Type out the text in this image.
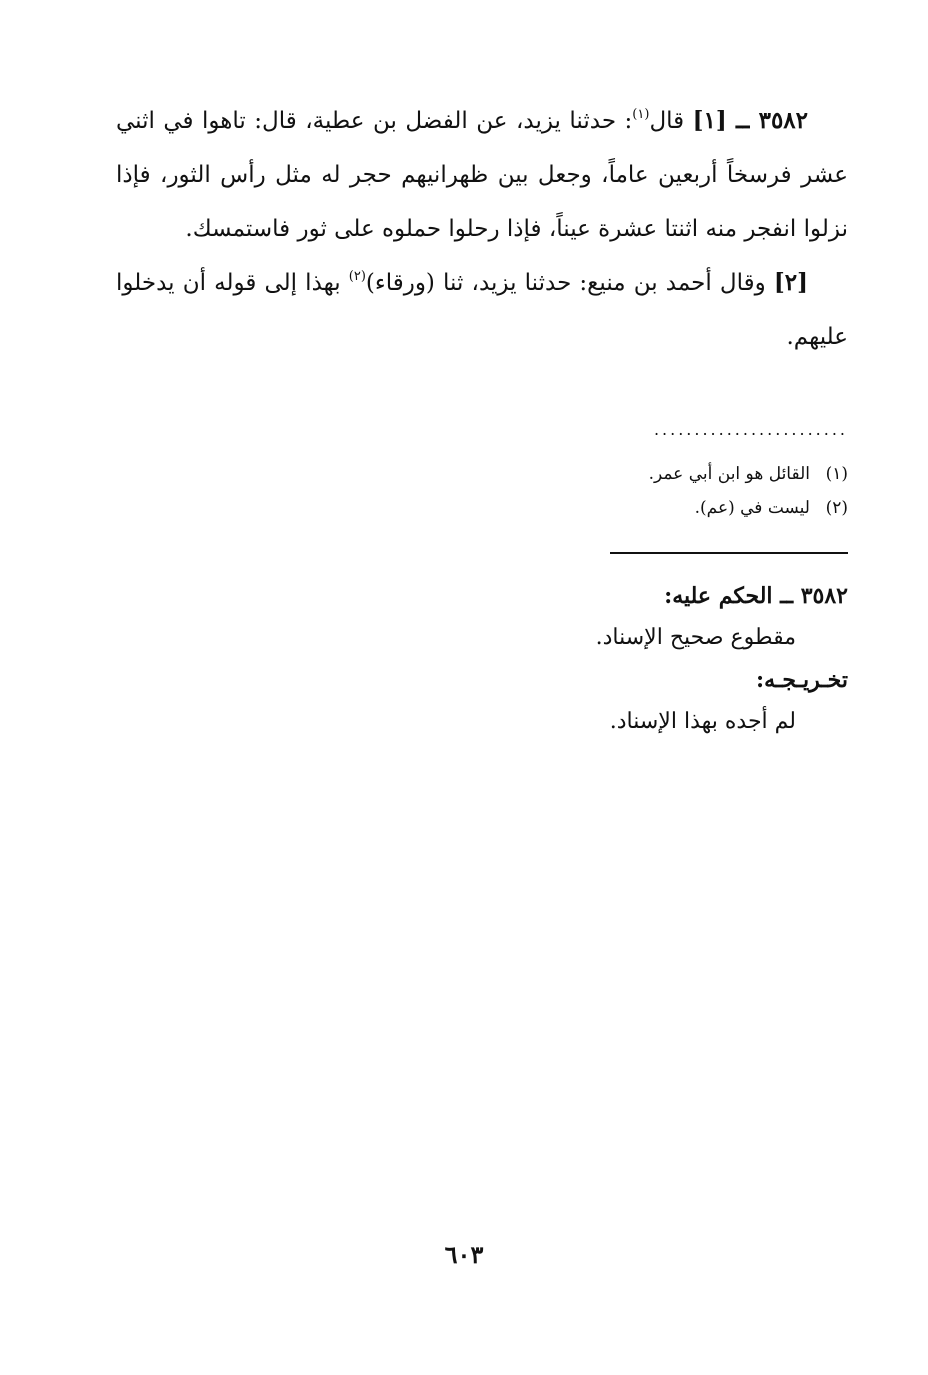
٣٥٨٢ ــ [١] قال$^{(١)}$: حدثنا يزيد، عن الفضل بن عطية، قال: تاهوا في اثني عشر فرسخاً أربعين عاماً، وجعل بين ظهرانيهم حجر له مثل رأس الثور، فإذا نزلوا انفجر منه اثنتا عشرة عيناً، فإذا رحلوا حملوه على ثور فاستمسك.

[٢] وقال أحمد بن منيع: حدثنا يزيد، ثنا (ورقاء)$^{(٢)}$ بهذا إلى قوله أن يدخلوا عليهم.

........................
(١)القائل هو ابن أبي عمر.
(٢)ليست في (عم).
٣٥٨٢ ــ الحكم عليه:
مقطوع صحيح الإسناد.
تخـريـجـه:
لم أجده بهذا الإسناد.
٦٠٣
